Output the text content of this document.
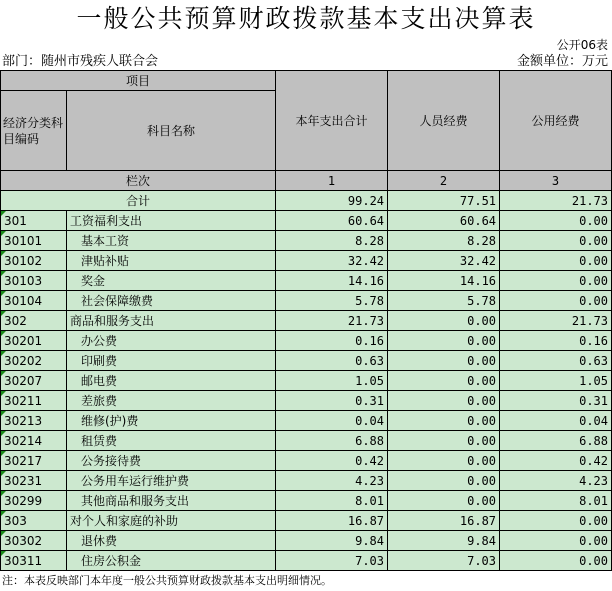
一般公共预算财政拨款基本支出决算表
公开06表
部门：随州市残疾人联合会	金额单位：万元
项目		本年支出合计	人员经费	公用经费
经济分类科目编码	科目名称			

栏次		1	2	3
合计		99.24	77.51	21.73
301	工资福利支出	60.64	60.64	0.00
30101	基本工资	8.28	8.28	0.00
30102	津贴补贴	32.42	32.42	0.00
30103	奖金	14.16	14.16	0.00
30104	社会保障缴费	5.78	5.78	0.00
302	商品和服务支出	21.73	0.00	21.73
30201	办公费	0.16	0.00	0.16
30202	印刷费	0.63	0.00	0.63
30207	邮电费	1.05	0.00	1.05
30211	差旅费	0.31	0.00	0.31
30213	维修(护)费	0.04	0.00	0.04
30214	租赁费	6.88	0.00	6.88
30217	公务接待费	0.42	0.00	0.42
30231	公务用车运行维护费	4.23	0.00	4.23
30299	其他商品和服务支出	8.01	0.00	8.01
303	对个人和家庭的补助	16.87	16.87	0.00
30302	退休费	9.84	9.84	0.00
30311	住房公积金	7.03	7.03	0.00
注：本表反映部门本年度一般公共预算财政拨款基本支出明细情况。
